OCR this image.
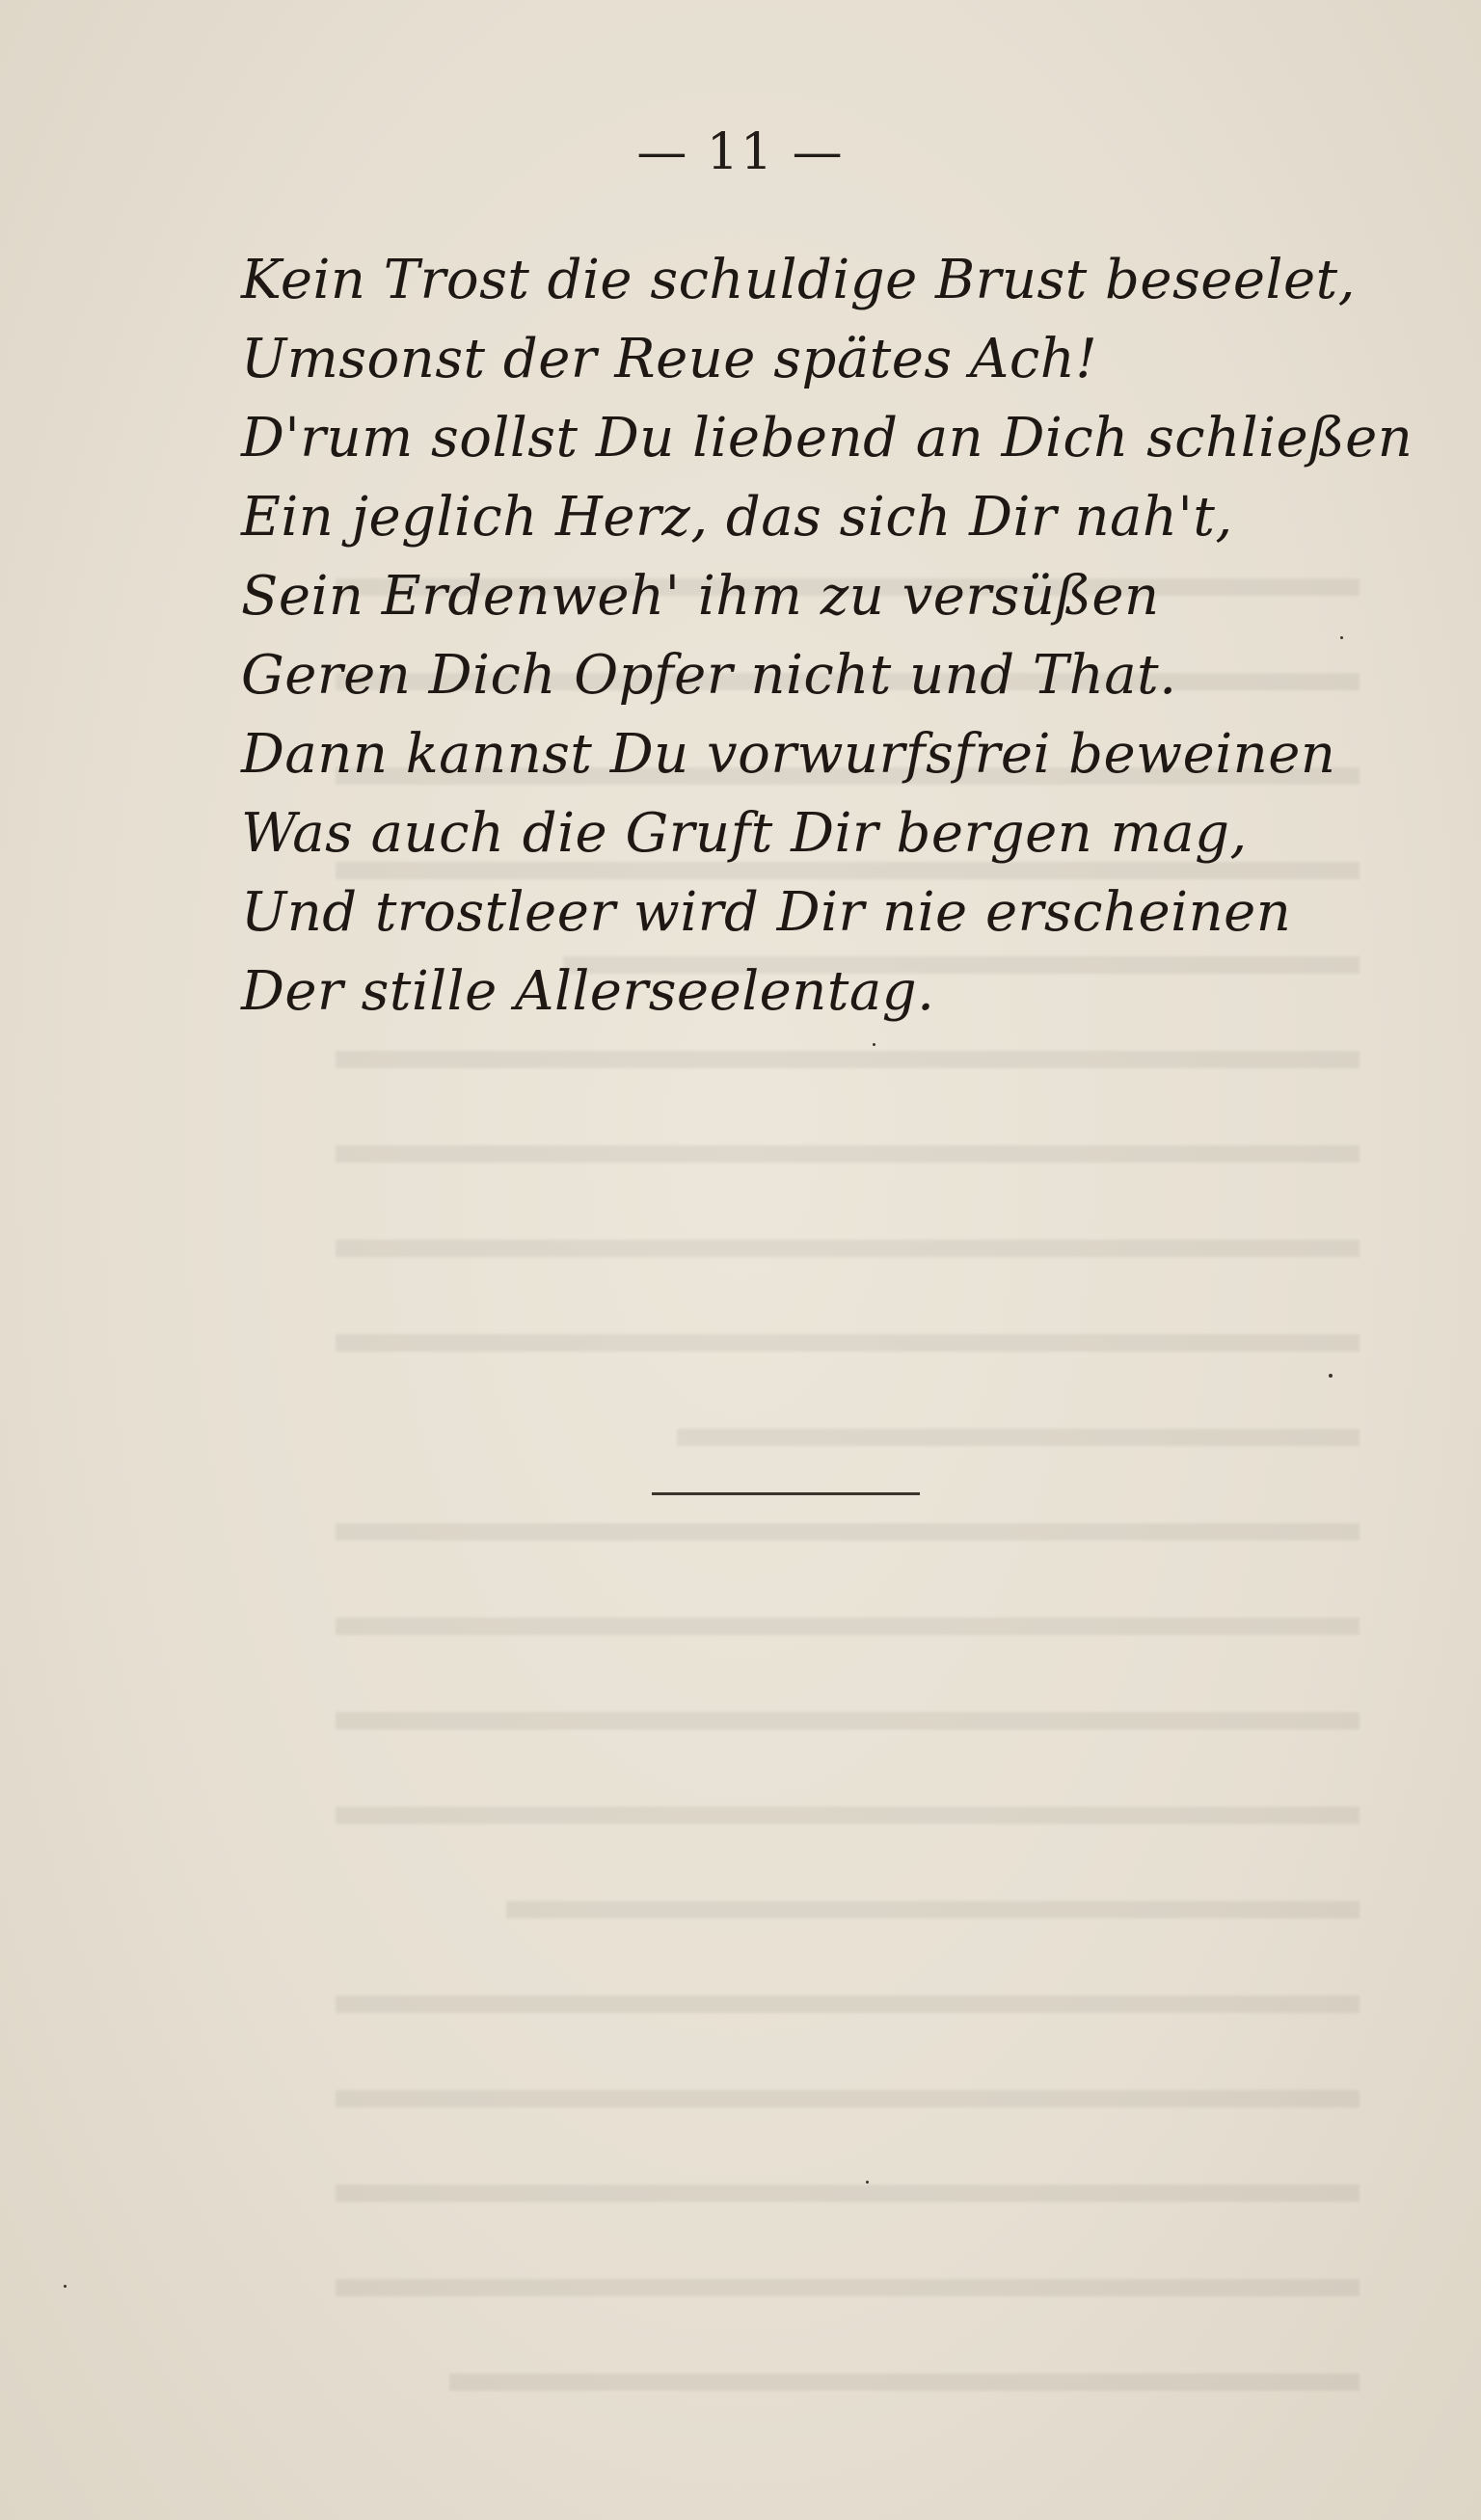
— 11 —
Kein Trost die schuldige Brust beseelet,
Umsonst der Reue spätes Ach!
D'rum sollst Du liebend an Dich schließen
Ein jeglich Herz, das sich Dir nah't,
Sein Erdenweh' ihm zu versüßen
Geren Dich Opfer nicht und That.
Dann kannst Du vorwurfsfrei beweinen
Was auch die Gruft Dir bergen mag,
Und trostleer wird Dir nie erscheinen
Der stille Allerseelentag.
